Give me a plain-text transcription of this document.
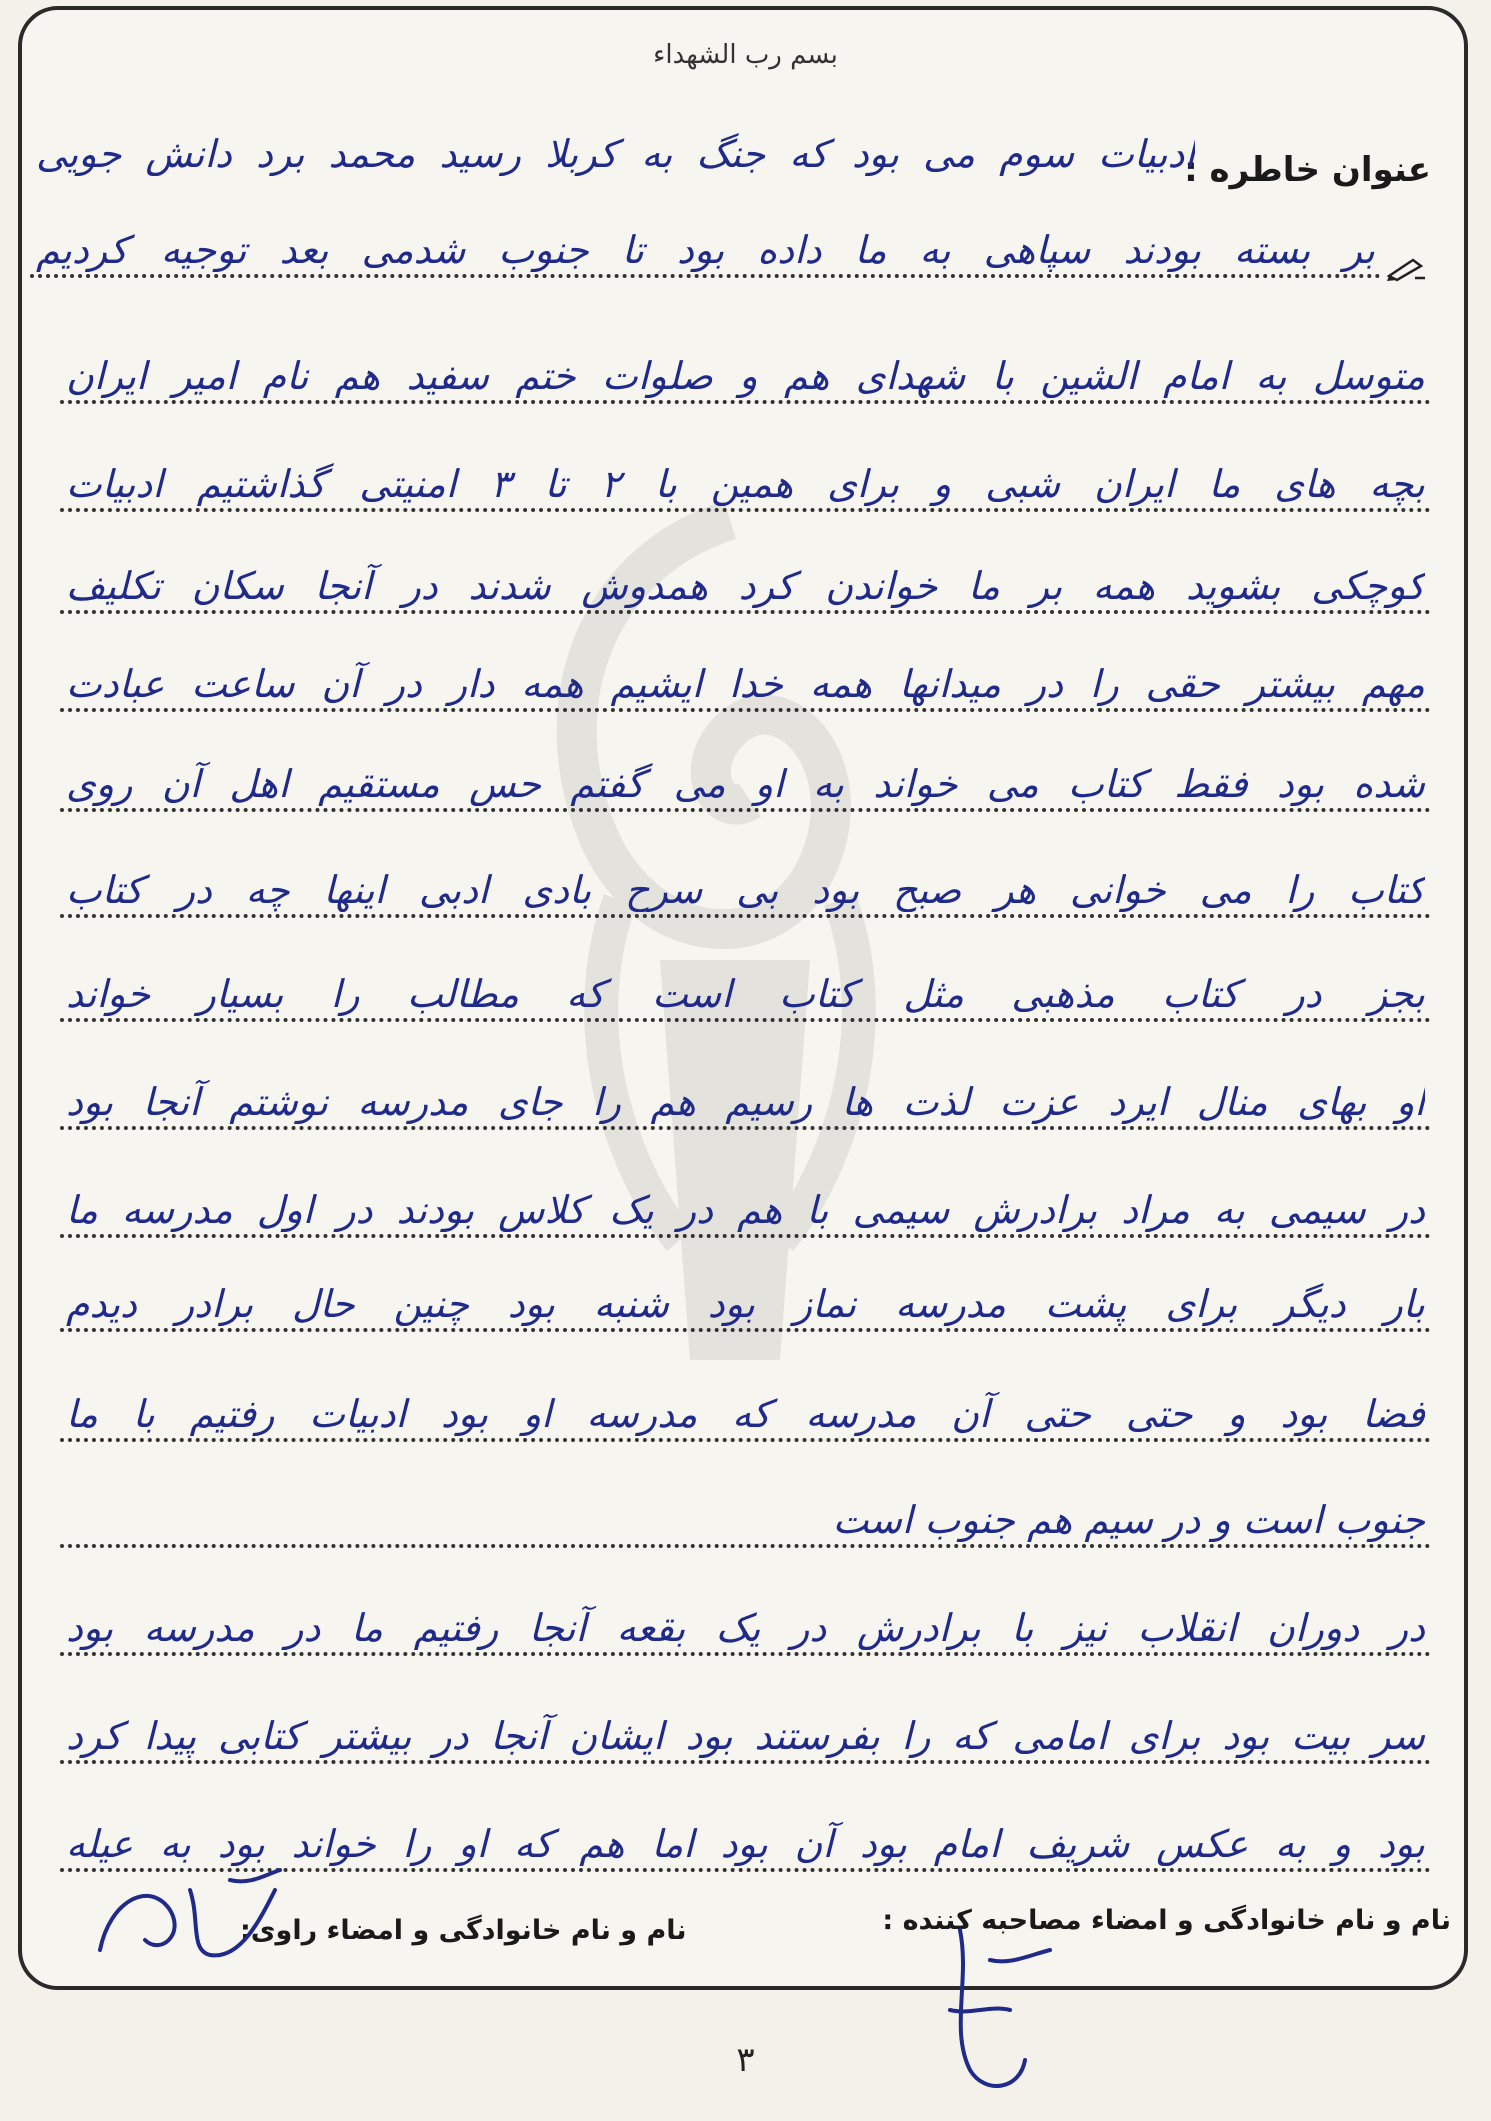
بسم رب الشهداء
عنوان خاطره :
ادبیات سوم می بود که جنگ به کربلا رسید محمد برد دانش جویی
بر بسته بودند سپاهی به ما داده بود تا جنوب شدمی بعد توجیه کردیم
متوسل به امام الشین با شهدای هم و صلوات ختم سفید هم نام امیر ایران
بچه های ما ایران شبی و برای همین با ۲ تا ۳ امنیتی گذاشتیم ادبیات
کوچکی بشوید همه بر ما خواندن کرد همدوش شدند در آنجا سکان تکلیف
مهم بیشتر حقی را در میدانها همه خدا ایشیم همه دار در آن ساعت عبادت
شده بود فقط کتاب می خواند به او می گفتم حس مستقیم اهل آن روی
کتاب را می خوانی هر صبح بود بی سرح بادی ادبی اینها چه در کتاب
بجز در کتاب مذهبی مثل کتاب است که مطالب را بسیار خواند
او بهای منال ایرد عزت لذت ها رسیم هم را جای مدرسه نوشتم آنجا بود
در سیمی به مراد برادرش سیمی با هم در یک کلاس بودند در اول مدرسه ما
بار دیگر برای پشت مدرسه نماز بود شنبه بود چنین حال برادر دیدم
فضا بود و حتی حتی آن مدرسه که مدرسه او بود ادبیات رفتیم با ما
جنوب است و در سیم هم جنوب است
در دوران انقلاب نیز با برادرش در یک بقعه آنجا رفتیم ما در مدرسه بود
سر بیت بود برای امامی که را بفرستند بود ایشان آنجا در بیشتر کتابی پیدا کرد
بود و به عکس شریف امام بود آن بود اما هم که او را خواند بود به عیله
نام و نام خانوادگی و امضاء مصاحبه کننده :
نام و نام خانوادگی و امضاء راوی:
٣
